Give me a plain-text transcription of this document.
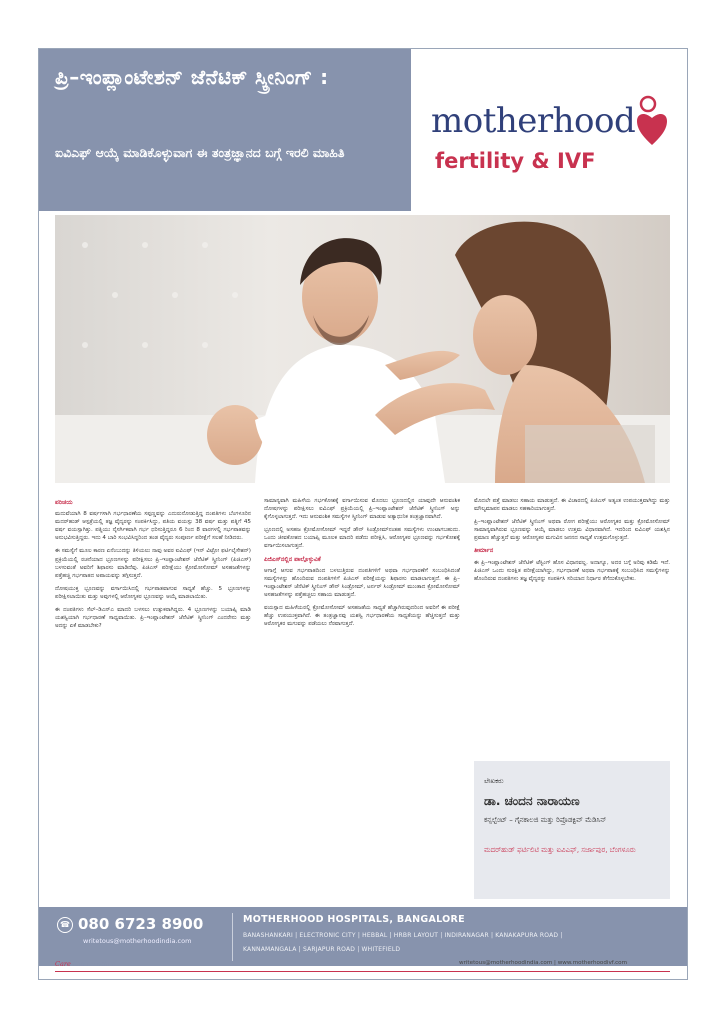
ಪ್ರಿ–ಇಂಪ್ಲಾಂಟೇಶನ್ ಜೆನೆಟಿಕ್ ಸ್ಕ್ರೀನಿಂಗ್ :
ಐವಿಎಫ್ ಆಯ್ಕೆ ಮಾಡಿಕೊಳ್ಳುವಾಗ ಈ ತಂತ್ರಜ್ಞಾನದ ಬಗ್ಗೆ ಇರಲಿ ಮಾಹಿತಿ
motherhood
fertility & IVF
ಪರಿಚಯ

ಮದುವೆಯಾಗಿ 8 ವರ್ಷಗಳಾಗಿ ಗರ್ಭಧಾರಣೆಯ ಸಪ್ಪಣ್ಣವನ್ನು ಎದುರುನೋಡುತ್ತಿದ್ದ ದಂಪತಿಗಳು ಬೆಂಗಳೂರಿನ ಮದರ್‌ಹುಡ್ ಆಸ್ಪತ್ರೆಯಲ್ಲಿ ತಜ್ಞ ವೈದ್ಯರನ್ನು ಸಂಪರ್ಕಿಸಿದ್ದು, ಪತಿಯ ವಯಸ್ಸು 38 ವರ್ಷ ಮತ್ತು ಪತ್ನಿಗೆ 45 ವರ್ಷ ವಯಸ್ಸಾಗಿತ್ತು. ಪತ್ನಿಯು ನೈಸರ್ಗಿಕವಾಗಿ ಗರ್ಭ ಧರಿಸುತ್ತಿದ್ದರೂ 6 ರಿಂದ 8 ವಾರಗಳಲ್ಲಿ ಗರ್ಭಪಾತವನ್ನು ಅನುಭವಿಸುತ್ತಿದ್ದರು. ಇದು 4 ಬಾರಿ ಸಂಭವಿಸಿದ್ದರಿಂದ ತಂಡ ವೈದ್ಯರು ಸಂಪೂರ್ಣ ಪರೀಕ್ಷೆಗೆ ಸಲಹೆ ನೀಡಿದರು.

ಈ ಸಮಸ್ಯೆಗೆ ಮೂಲ ಕಾರಣ ಏನೆಂಬುದನ್ನು ತಿಳಿಯಲು ನಾವು ಅವರ ಐವಿಎಫ್ (ಇನ್ ವಿಟ್ರೋ ಫರ್ಟಿಲೈಸೇಶನ್) ಪ್ರಕ್ರಿಯೆಯಲ್ಲಿ ರಚನೆಯಾದ ಭ್ರೂಣಗಳನ್ನು ಪರೀಕ್ಷಿಸಲು ಪ್ರಿ–ಇಂಪ್ಲಾಂಟೇಶನ್ ಜೆನೆಟಿಕ್ ಸ್ಕ್ರೀನಿಂಗ್ (ಪಿಜಿಎಸ್) ಬಳಸುವಂತೆ ಅವರಿಗೆ ಶಿಫಾರಸು ಮಾಡಿದೆವು. ಪಿಜಿಎಸ್ ಪರೀಕ್ಷೆಯು ಕ್ರೋಮೋಸೋಮ್ ಅಸಹಜತೆಗಳನ್ನು ಪತ್ತೆಹಚ್ಚಿ ಗರ್ಭಪಾತದ ಅಪಾಯವನ್ನು ತಗ್ಗಿಸುತ್ತದೆ.

ದೋಷಯುಕ್ತ ಭ್ರೂಣವನ್ನು ವರ್ಗಾಯಿಸಿದಲ್ಲಿ ಗರ್ಭಪಾತವಾಗುವ ಸಾಧ್ಯತೆ ಹೆಚ್ಚು. 5 ಭ್ರೂಣಗಳನ್ನು ಪರೀಕ್ಷಿಸಲಾಯಿತು ಮತ್ತು ಅವುಗಳಲ್ಲಿ ಆರೋಗ್ಯಕರ ಭ್ರೂಣವನ್ನು ಆಯ್ಕೆ ಮಾಡಲಾಯಿತು.

ಈ ದಂಪತಿಗಳು ಸೆಲ್–ಡಿಎನ್‌ಎ ಮಾದರಿ ಬಳಸಲು ಉತ್ಸುಕರಾಗಿದ್ದರು. 4 ಭ್ರೂಣಗಳನ್ನು ಬಯಾಪ್ಸಿ ಮಾಡಿ ಯಶಸ್ವಿಯಾಗಿ ಗರ್ಭಧಾರಣೆ ಸಾಧ್ಯವಾಯಿತು. ಪ್ರಿ–ಇಂಪ್ಲಾಂಟೇಶನ್ ಜೆನೆಟಿಕ್ ಸ್ಕ್ರೀನಿಂಗ್ ಎಂದರೇನು ಮತ್ತು ಅದನ್ನು ಏಕೆ ಮಾಡಬೇಕು?

ಸಾಮಾನ್ಯವಾಗಿ ಮಹಿಳೆಯ ಗರ್ಭಕೋಶಕ್ಕೆ ವರ್ಗಾಯಿಸುವ ಮೊದಲು ಭ್ರೂಣದಲ್ಲಿನ ಯಾವುದೇ ಆನುವಂಶಿಕ ದೋಷಗಳನ್ನು ಪರೀಕ್ಷಿಸಲು ಐವಿಎಫ್ ಪ್ರಕ್ರಿಯೆಯಲ್ಲಿ ಪ್ರಿ–ಇಂಪ್ಲಾಂಟೇಶನ್ ಜೆನೆಟಿಕ್ ಸ್ಕ್ರೀನಿಂಗ್ ಅನ್ನು ಕೈಗೊಳ್ಳಲಾಗುತ್ತದೆ. ಇದು ಆನುವಂಶಿಕ ಸಮಸ್ಯೆಗಳ ಸ್ಕ್ರೀನಿಂಗ್ ಮಾಡುವ ಅತ್ಯಾಧುನಿಕ ತಂತ್ರಜ್ಞಾನವಾಗಿದೆ.

ಭ್ರೂಣದಲ್ಲಿ ಅಸಹಜ ಕ್ರೋಮೋಸೋಮ್ ಇದ್ದರೆ ಡೌನ್ ಸಿಂಡ್ರೋಮ್‌ನಂತಹ ಸಮಸ್ಯೆಗಳು ಉಂಟಾಗಬಹುದು. ಒಂದು ಜೀವಕೋಶದ ಬಯಾಪ್ಸಿ ಮೂಲಕ ಮಾದರಿ ಪಡೆದು ಪರೀಕ್ಷಿಸಿ, ಆರೋಗ್ಯಕರ ಭ್ರೂಣವನ್ನು ಗರ್ಭಕೋಶಕ್ಕೆ ವರ್ಗಾಯಿಸಲಾಗುತ್ತದೆ.

ಪಿಜಿಎಸ್‌ನಲ್ಲಿನ ಪಾಲ್ಗೊಳ್ಳುವಿಕೆ

ಆಗಾಗ್ಗೆ ಆಗುವ ಗರ್ಭಪಾತದಿಂದ ಬಳಲುತ್ತಿರುವ ದಂಪತಿಗಳಿಗೆ ಅಥವಾ ಗರ್ಭಧಾರಣೆಗೆ ಸಂಬಂಧಿಸಿದಂತೆ ಸಮಸ್ಯೆಗಳನ್ನು ಹೊಂದಿರುವ ದಂಪತಿಗಳಿಗೆ ಪಿಜಿಎಸ್ ಪರೀಕ್ಷೆಯನ್ನು ಶಿಫಾರಸು ಮಾಡಲಾಗುತ್ತದೆ. ಈ ಪ್ರಿ–ಇಂಪ್ಲಾಂಟೇಶನ್ ಜೆನೆಟಿಕ್ ಸ್ಕ್ರೀನಿಂಗ್ ಡೌನ್ ಸಿಂಡ್ರೋಮ್, ಟರ್ನರ್ ಸಿಂಡ್ರೋಮ್ ಮುಂತಾದ ಕ್ರೋಮೋಸೋಮ್ ಅಸಹಜತೆಗಳನ್ನು ಪತ್ತೆಹಚ್ಚಲು ಸಹಾಯ ಮಾಡುತ್ತದೆ.

ವಯಸ್ಸಾದ ಮಹಿಳೆಯರಲ್ಲಿ ಕ್ರೋಮೋಸೋಮ್ ಅಸಹಜತೆಯ ಸಾಧ್ಯತೆ ಹೆಚ್ಚಾಗಿರುವುದರಿಂದ ಅವರಿಗೆ ಈ ಪರೀಕ್ಷೆ ಹೆಚ್ಚು ಉಪಯುಕ್ತವಾಗಿದೆ. ಈ ತಂತ್ರಜ್ಞಾನವು ಯಶಸ್ವಿ ಗರ್ಭಧಾರಣೆಯ ಸಾಧ್ಯತೆಯನ್ನು ಹೆಚ್ಚಿಸುತ್ತದೆ ಮತ್ತು ಆರೋಗ್ಯಕರ ಮಗುವನ್ನು ಪಡೆಯಲು ನೆರವಾಗುತ್ತದೆ.

ಮೊದಲೇ ಪತ್ತೆ ಮಾಡಲು ಸಹಾಯ ಮಾಡುತ್ತದೆ. ಈ ವಿಚಾರದಲ್ಲಿ ಪಿಜಿಎಸ್ ಅತ್ಯಂತ ಉಪಯುಕ್ತವಾಗಿದ್ದು ಮತ್ತು ಮೌಲ್ಯಮಾಪನ ಮಾಡಲು ಸಹಕಾರಿಯಾಗುತ್ತದೆ.

ಪ್ರಿ–ಇಂಪ್ಲಾಂಟೇಶನ್ ಜೆನೆಟಿಕ್ ಸ್ಕ್ರೀನಿಂಗ್ ಅಥವಾ ರೋಗ ಪರೀಕ್ಷೆಯು ಆರೋಗ್ಯಕರ ಮತ್ತು ಕ್ರೋಮೋಸೋಮ್ ಸಾಮಾನ್ಯವಾಗಿರುವ ಭ್ರೂಣವನ್ನು ಆಯ್ಕೆ ಮಾಡಲು ಉತ್ತಮ ವಿಧಾನವಾಗಿದೆ. ಇದರಿಂದ ಐವಿಎಫ್ ಯಶಸ್ಸಿನ ಪ್ರಮಾಣ ಹೆಚ್ಚುತ್ತದೆ ಮತ್ತು ಆರೋಗ್ಯಕರ ಮಗುವಿನ ಜನನದ ಸಾಧ್ಯತೆ ಉತ್ತಮಗೊಳ್ಳುತ್ತದೆ.

ತೀರ್ಮಾನ

ಈ ಪ್ರಿ–ಇಂಪ್ಲಾಂಟೇಶನ್ ಜೆನೆಟಿಕ್ ಟೆಸ್ಟಿಂಗ್ ಹೊಸ ವಿಧಾನವಲ್ಲ. ಅದಾಗ್ಯೂ, ಅದರ ಬಗ್ಗೆ ಅರಿವು ಕಡಿಮೆ ಇದೆ. ಪಿಜಿಎಸ್ ಒಂದು ಸುರಕ್ಷಿತ ಪರೀಕ್ಷೆಯಾಗಿದ್ದು, ಗರ್ಭಧಾರಣೆ ಅಥವಾ ಗರ್ಭಪಾತಕ್ಕೆ ಸಂಬಂಧಿಸಿದ ಸಮಸ್ಯೆಗಳನ್ನು ಹೊಂದಿರುವ ದಂಪತಿಗಳು ತಜ್ಞ ವೈದ್ಯರನ್ನು ಸಂಪರ್ಕಿಸಿ ಸರಿಯಾದ ನಿರ್ಧಾರ ತೆಗೆದುಕೊಳ್ಳಬೇಕು.

ಲೇಖಕರು
ಡಾ. ಚಂದನ ನಾರಾಯಣ
ಕನ್ಸಲ್ಟೆಂಟ್ – ಗೈನಕಾಲಜಿ ಮತ್ತು ರಿಪ್ರೊಡಕ್ಟಿವ್ ಮೆಡಿಸಿನ್
ಮದರ್‌ಹುಡ್ ಫರ್ಟಿಲಿಟಿ ಮತ್ತು ಐವಿಎಫ್, ಸರ್ಜಾಪುರ, ಬೆಂಗಳೂರು
☎ 080 6723 8900
writetous@motherhoodindia.com
MOTHERHOOD HOSPITALS, BANGALORE
BANASHANKARI | ELECTRONIC CITY | HEBBAL | HRBR LAYOUT | INDIRANAGAR | KANAKAPURA ROAD |
KANNAMANGALA | SARJAPUR ROAD | WHITEFIELD
Care like no other.	writetous@motherhoodindia.com | www.motherhoodivf.com
